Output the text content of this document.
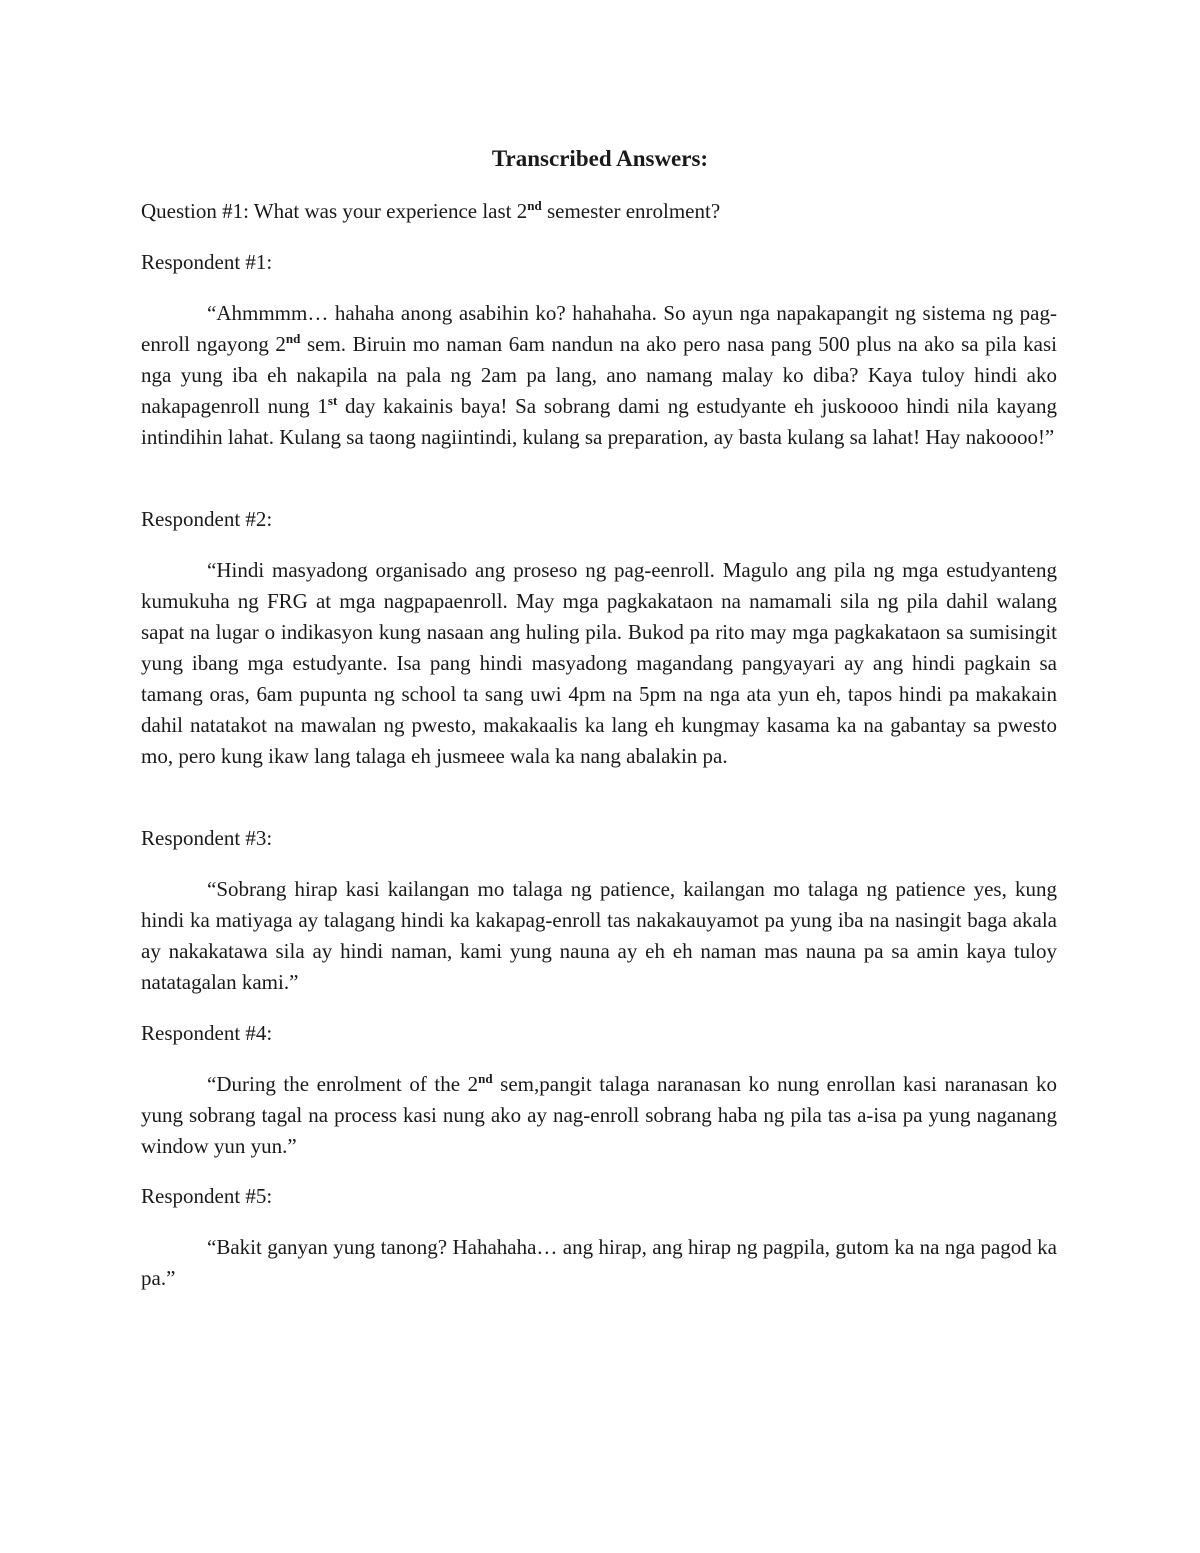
Transcribed Answers:

Question #1: What was your experience last 2nd semester enrolment?

Respondent #1:

“Ahmmmm… hahaha anong asabihin ko? hahahaha. So ayun nga napakapangit ng sistema ng pag-enroll ngayong 2nd sem. Biruin mo naman 6am nandun na ako pero nasa pang 500 plus na ako sa pila kasi nga yung iba eh nakapila na pala ng 2am pa lang, ano namang malay ko diba? Kaya tuloy hindi ako nakapagenroll nung 1st day kakainis baya! Sa sobrang dami ng estudyante eh juskoooo hindi nila kayang intindihin lahat. Kulang sa taong nagiintindi, kulang sa preparation, ay basta kulang sa lahat! Hay nakoooo!”

Respondent #2:

“Hindi masyadong organisado ang proseso ng pag-eenroll. Magulo ang pila ng mga estudyanteng kumukuha ng FRG at mga nagpapaenroll. May mga pagkakataon na namamali sila ng pila dahil walang sapat na lugar o indikasyon kung nasaan ang huling pila. Bukod pa rito may mga pagkakataon sa sumisingit yung ibang mga estudyante. Isa pang hindi masyadong magandang pangyayari ay ang hindi pagkain sa tamang oras, 6am pupunta ng school ta sang uwi 4pm na 5pm na nga ata yun eh, tapos hindi pa makakain dahil natatakot na mawalan ng pwesto, makakaalis ka lang eh kungmay kasama ka na gabantay sa pwesto mo, pero kung ikaw lang talaga eh jusmeee wala ka nang abalakin pa.

Respondent #3:

“Sobrang hirap kasi kailangan mo talaga ng patience, kailangan mo talaga ng patience yes, kung hindi ka matiyaga ay talagang hindi ka kakapag-enroll tas nakakauyamot pa yung iba na nasingit baga akala ay nakakatawa sila ay hindi naman, kami yung nauna ay eh eh naman mas nauna pa sa amin kaya tuloy natatagalan kami.”

Respondent #4:

“During the enrolment of the 2nd sem,pangit talaga naranasan ko nung enrollan kasi naranasan ko yung sobrang tagal na process kasi nung ako ay nag-enroll sobrang haba ng pila tas a-isa pa yung naganang window yun yun.”

Respondent #5:

“Bakit ganyan yung tanong? Hahahaha… ang hirap, ang hirap ng pagpila, gutom ka na nga pagod ka pa.”
